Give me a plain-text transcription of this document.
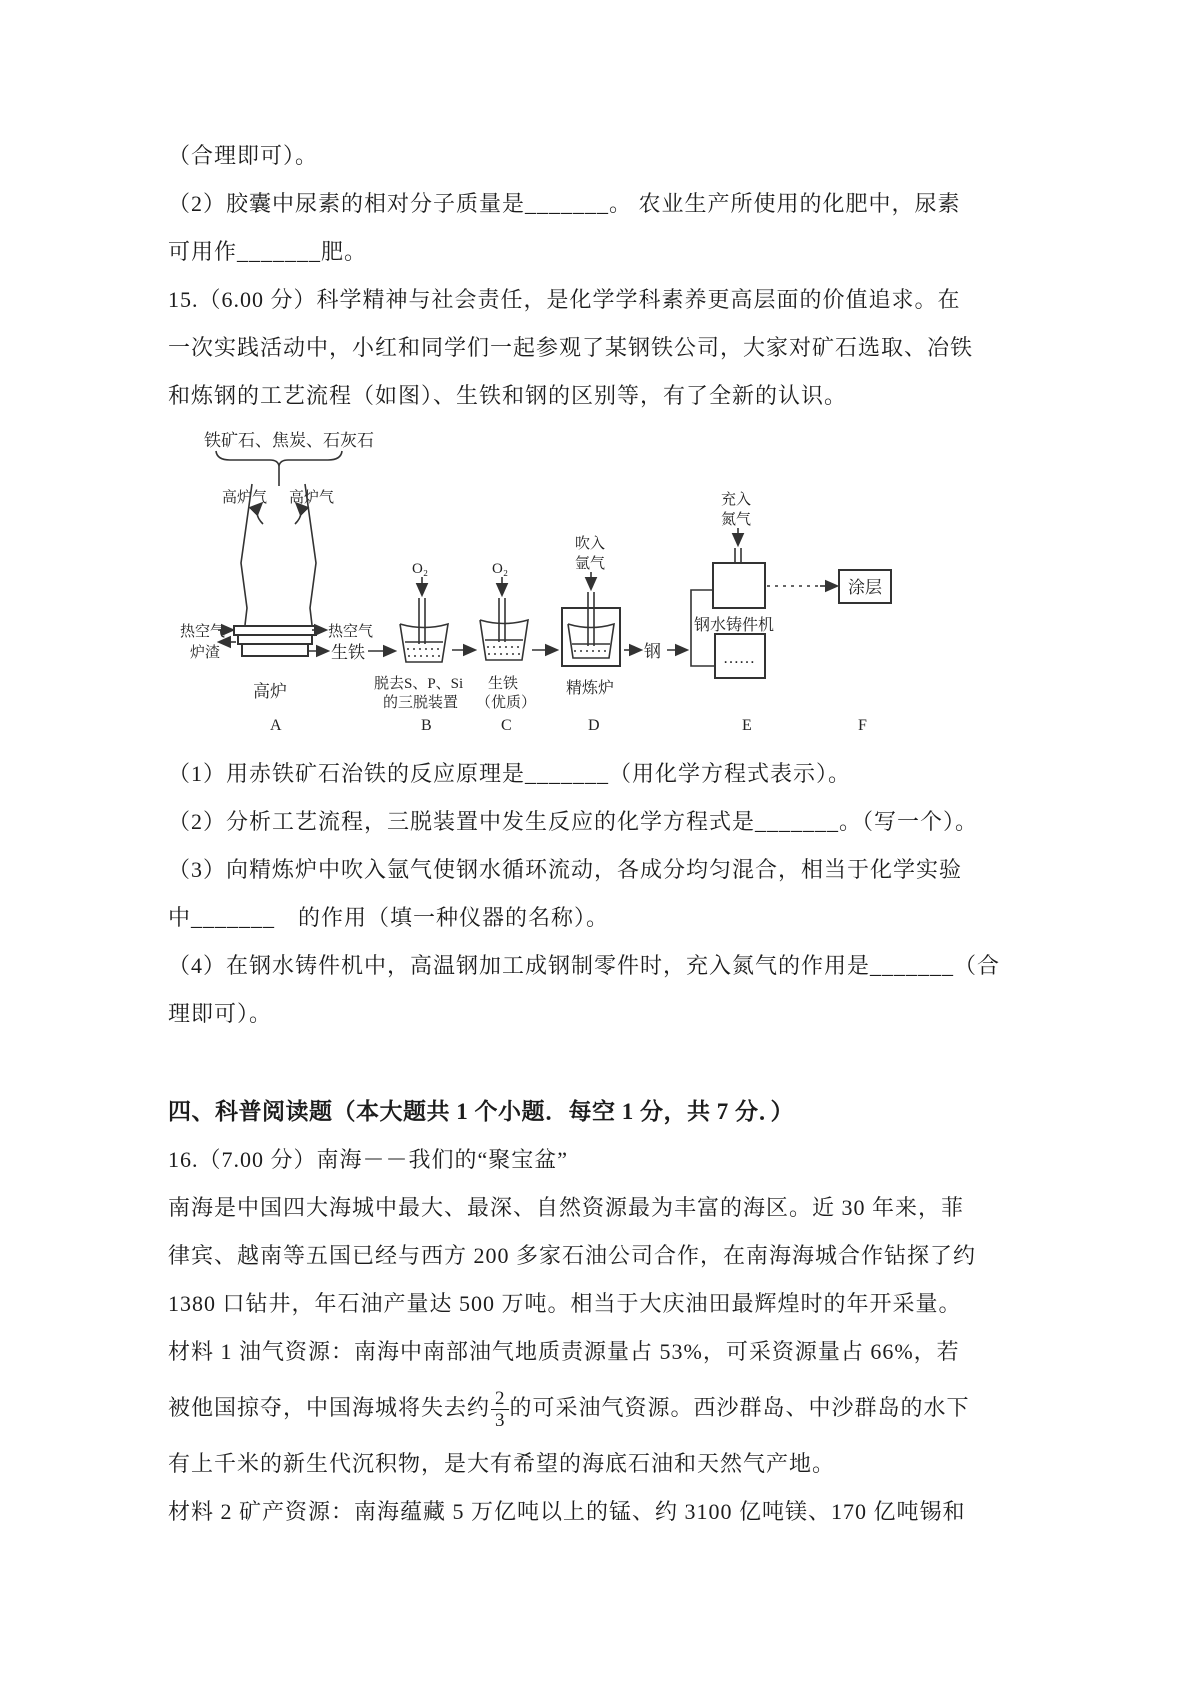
（合理即可）。
（2）胶囊中尿素的相对分子质量是_______。 农业生产所使用的化肥中，尿素
可用作_______肥。
15.（6.00 分）科学精神与社会责任，是化学学科素养更高层面的价值追求。在
一次实践活动中，小红和同学们一起参观了某钢铁公司，大家对矿石选取、冶铁
和炼钢的工艺流程（如图）、生铁和钢的区别等，有了全新的认识。
铁矿石、焦炭、石灰石
高炉气 高炉气
热空气
炉渣
热空气
生铁
高炉
O₂
脱去S、P、Si
的三脱装置
O₂
生铁
（优质）
吹入
氩气
精炼炉
钢
充入
氮气
钢水铸件机
……
涂层
A	B	C	D	E	F
（1）用赤铁矿石治铁的反应原理是_______（用化学方程式表示）。
（2）分析工艺流程，三脱装置中发生反应的化学方程式是_______。（写一个）。
（3）向精炼炉中吹入氩气使钢水循环流动，各成分均匀混合，相当于化学实验
中_______　的作用（填一种仪器的名称）。
（4）在钢水铸件机中，高温钢加工成钢制零件时，充入氮气的作用是_______（合
理即可）。
四、科普阅读题（本大题共 1 个小题．每空 1 分，共 7 分．）
16.（7.00 分）南海－－我们的“聚宝盆”
南海是中国四大海城中最大、最深、自然资源最为丰富的海区。近 30 年来，菲
律宾、越南等五国已经与西方 200 多家石油公司合作，在南海海城合作钻探了约
1380 口钻井，年石油产量达 500 万吨。相当于大庆油田最辉煌时的年开采量。
材料 1 油气资源：南海中南部油气地质责源量占 53%，可采资源量占 66%，若
被他国掠夺，中国海城将失去约 $\frac{2}{3}$ 的可采油气资源。西沙群岛、中沙群岛的水下
有上千米的新生代沉积物，是大有希望的海底石油和天然气产地。
材料 2 矿产资源：南海蕴藏 5 万亿吨以上的锰、约 3100 亿吨镁、170 亿吨锡和
